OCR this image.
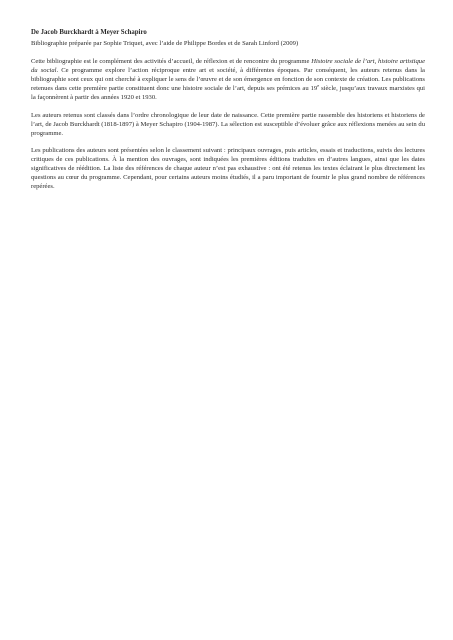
De Jacob Burckhardt à Meyer Schapiro

Bibliographie préparée par Sophie Triquet, avec l’aide de Philippe Bordes et de Sarah Linford (2009)

Cette bibliographie est le complément des activités d’accueil, de réflexion et de rencontre du programme Histoire sociale de l’art, histoire artistique du social. Ce programme explore l’action réciproque entre art et société, à différentes époques. Par conséquent, les auteurs retenus dans la bibliographie sont ceux qui ont cherché à expliquer le sens de l’œuvre et de son émergence en fonction de son contexte de création. Les publications retenues dans cette première partie constituent donc une histoire sociale de l’art, depuis ses prémices au 19e siècle, jusqu’aux travaux marxistes qui la façonnèrent à partir des années 1920 et 1930.

Les auteurs retenus sont classés dans l’ordre chronologique de leur date de naissance. Cette première partie rassemble des historiens et historiens de l’art, de Jacob Burckhardt (1818-1897) à Meyer Schapiro (1904-1987). La sélection est susceptible d’évoluer grâce aux réflexions menées au sein du programme.

Les publications des auteurs sont présentées selon le classement suivant : principaux ouvrages, puis articles, essais et traductions, suivis des lectures critiques de ces publications. À la mention des ouvrages, sont indiquées les premières éditions traduites en d’autres langues, ainsi que les dates significatives de réédition. La liste des références de chaque auteur n’est pas exhaustive : ont été retenus les textes éclairant le plus directement les questions au cœur du programme. Cependant, pour certains auteurs moins étudiés, il a paru important de fournir le plus grand nombre de références repérées.
